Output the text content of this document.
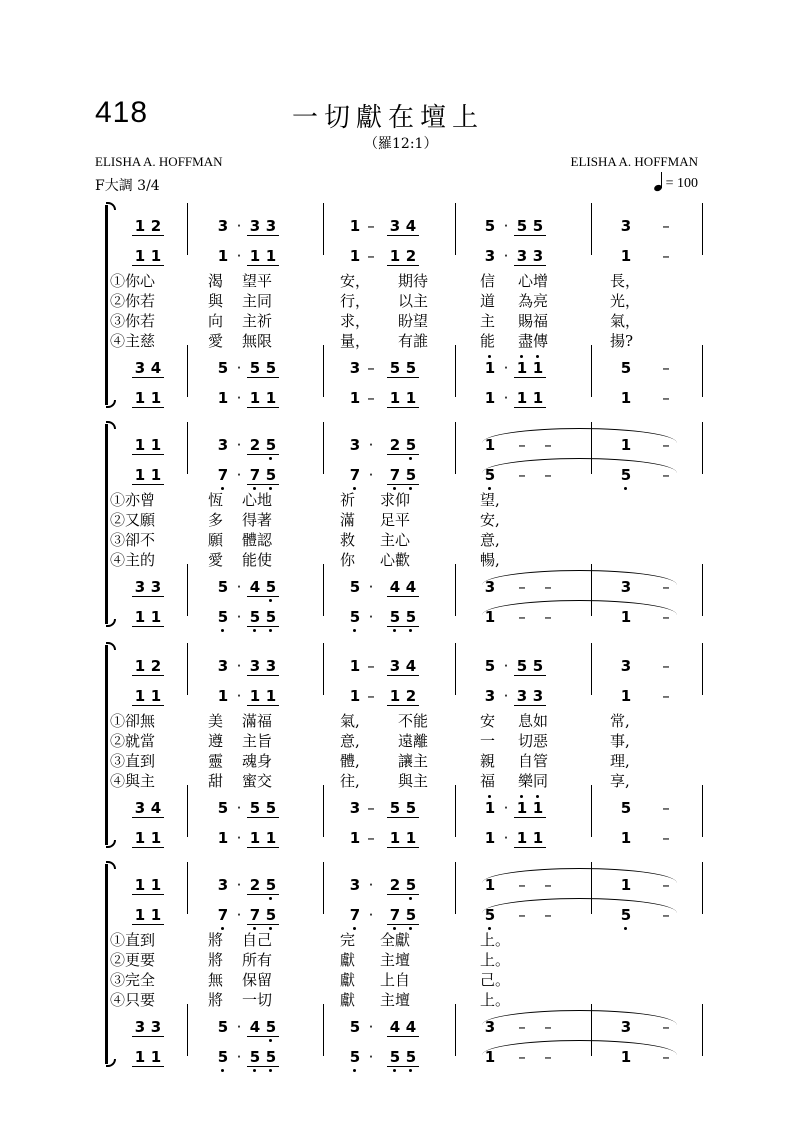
418	一切獻在壇上
（羅12:1）
ELISHA A. HOFFMAN	ELISHA A. HOFFMAN
F大調 3/4	= 100
1 2	3 · 3 3	1 – 3 4	5 · 5 5	3 –
1 1	1 · 1 1	1 – 1 2	3 · 3 3	1 –
3 4	5 · 5 5	3 – 5 5	1 · 1 1	5 –
1 1	1 · 1 1	1 – 1 1	1 · 1 1	1 –
①你心	渴 望平	安， 期待	信 心增	長，
②你若	與 主同	行， 以主	道 為亮	光，
③你若	向 主祈	求， 盼望	主 賜福	氣，
④主慈	愛 無限	量， 有誰	能 盡傳	揚?
1 1	3 · 2 5	3 ·	2 5	1 – –	1 –
1 1	7 · 7 5	7 ·	7 5	5 – –	5 –
3 3	5 · 4 5	5 ·	4 4	3 – –	3 –
1 1	5 · 5 5	5 ·	5 5	1 – –	1 –
①亦曾	恆 心地	祈 求仰	望,
②又願	多 得著	滿 足平	安,
③卻不	願 體認	救 主心	意,
④主的	愛 能使	你 心歡	暢,
1 2	3 · 3 3	1 – 3 4	5 · 5 5	3 –
1 1	1 · 1 1	1 – 1 2	3 · 3 3	1 –
3 4	5 · 5 5	3 – 5 5	1 · 1 1	5 –
1 1	1 · 1 1	1 – 1 1	1 · 1 1	1 –
①卻無	美 滿福	氣,	不能	安 息如	常,
②就當	遵 主旨	意,	遠離	一 切惡	事,
③直到	靈 魂身	體,	讓主	親 自管	理,
④與主	甜 蜜交	往,	與主	福 樂同	享,
1 1	3 · 2 5	3 ·	2 5	1 – –	1 –
1 1	7 · 7 5	7 ·	7 5	5 – –	5 –
3 3	5 · 4 5	5 ·	4 4	3 – –	3 –
1 1	5 · 5 5	5 ·	5 5	1 – –	1 –
①直到	將 自己	完 全獻	上。
②更要	將 所有	獻 主壇	上。
③完全	無 保留	獻 上自	己。
④只要	將 一切	獻 主壇	上。
